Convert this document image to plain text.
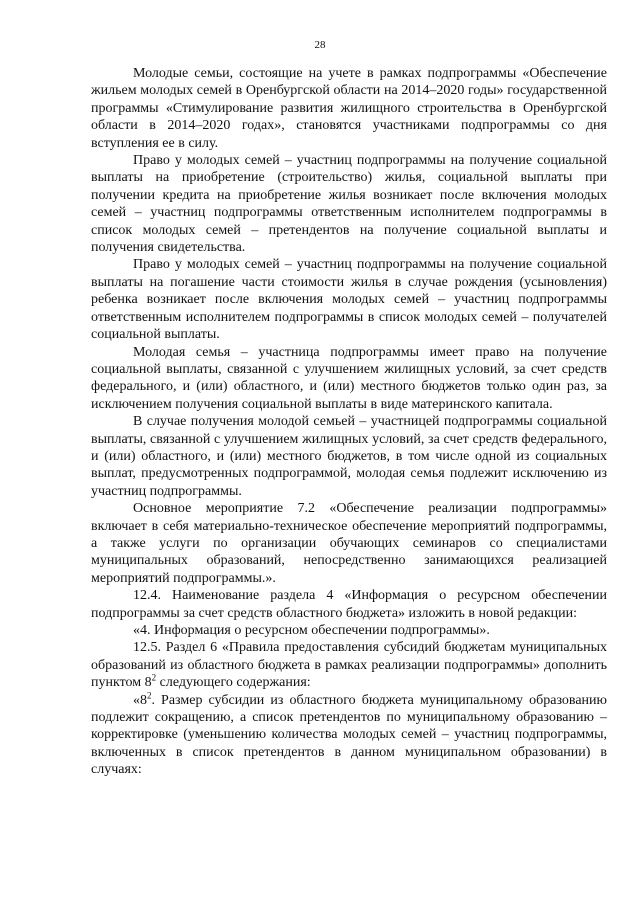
28

Молодые семьи, состоящие на учете в рамках подпрограммы «Обеспечение жильем молодых семей в Оренбургской области на 2014–2020 годы» государственной программы «Стимулирование развития жилищного строительства в Оренбургской области в 2014–2020 годах», становятся участниками подпрограммы со дня вступления ее в силу.

Право у молодых семей – участниц подпрограммы на получение социальной выплаты на приобретение (строительство) жилья, социальной выплаты при получении кредита на приобретение жилья возникает после включения молодых семей – участниц подпрограммы ответственным исполнителем подпрограммы в список молодых семей – претендентов на получение социальной выплаты и получения свидетельства.

Право у молодых семей – участниц подпрограммы на получение социальной выплаты на погашение части стоимости жилья в случае рождения (усыновления) ребенка возникает после включения молодых семей – участниц подпрограммы ответственным исполнителем подпрограммы в список молодых семей – получателей социальной выплаты.

Молодая семья – участница подпрограммы имеет право на получение социальной выплаты, связанной с улучшением жилищных условий, за счет средств федерального, и (или) областного, и (или) местного бюджетов только один раз, за исключением получения социальной выплаты в виде материнского капитала.

В случае получения молодой семьей – участницей подпрограммы социальной выплаты, связанной с улучшением жилищных условий, за счет средств федерального, и (или) областного, и (или) местного бюджетов, в том числе одной из социальных выплат, предусмотренных подпрограммой, молодая семья подлежит исключению из участниц подпрограммы.

Основное мероприятие 7.2 «Обеспечение реализации подпрограммы» включает в себя материально-техническое обеспечение мероприятий подпрограммы, а также услуги по организации обучающих семинаров со специалистами муниципальных образований, непосредственно занимающихся реализацией мероприятий подпрограммы.».

12.4. Наименование раздела 4 «Информация о ресурсном обеспечении подпрограммы за счет средств областного бюджета» изложить в новой редакции:

«4. Информация о ресурсном обеспечении подпрограммы».

12.5. Раздел 6 «Правила предоставления субсидий бюджетам муниципальных образований из областного бюджета в рамках реализации подпрограммы» дополнить пунктом $8^2$ следующего содержания:

«$8^2$. Размер субсидии из областного бюджета муниципальному образованию подлежит сокращению, а список претендентов по муниципальному образованию – корректировке (уменьшению количества молодых семей – участниц подпрограммы, включенных в список претендентов в данном муниципальном образовании) в случаях:
